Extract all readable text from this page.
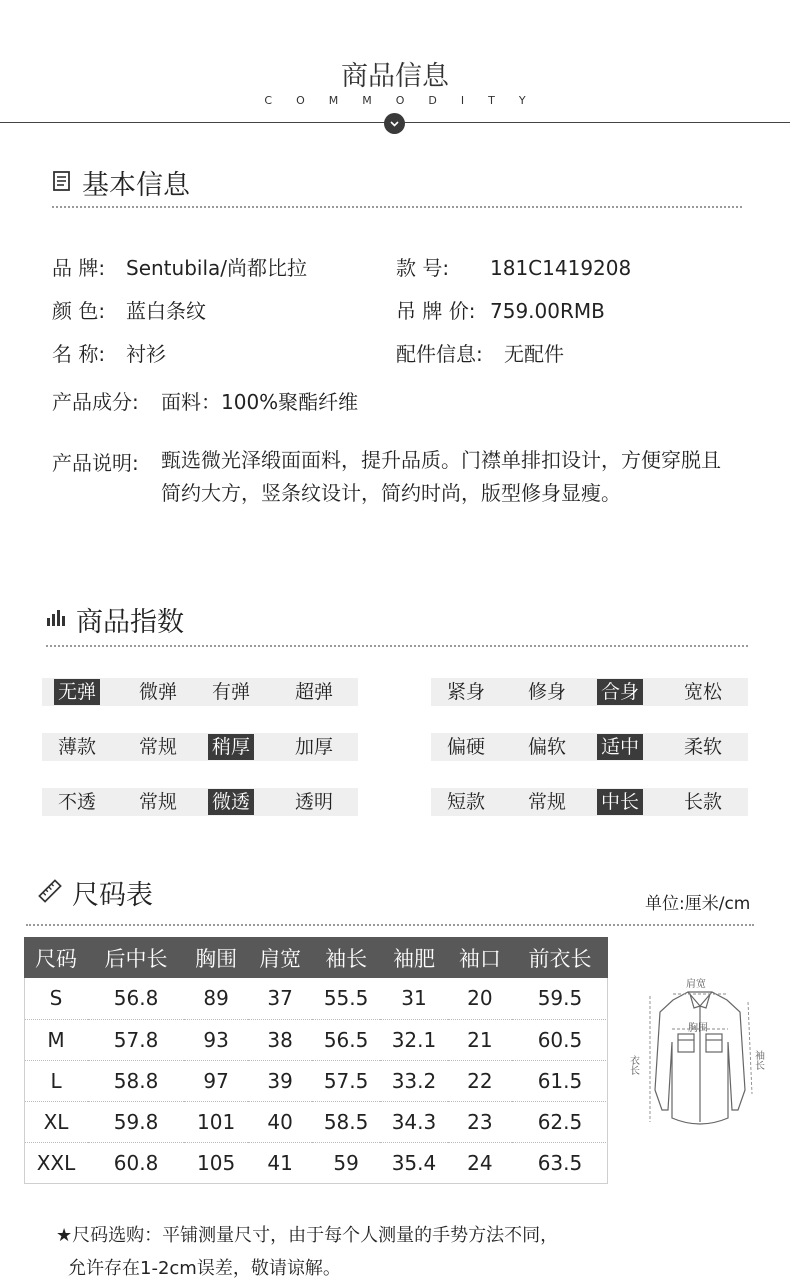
商品信息
COMMODITY
基本信息
品 牌: Sentubila/尚都比拉	款 号: 181C1419208
颜 色: 蓝白条纹	吊 牌 价: 759.00RMB
名 称: 衬衫	配件信息: 无配件
产品成分: 面料：100%聚酯纤维
产品说明: 甄选微光泽缎面面料，提升品质。门襟单排扣设计，方便穿脱且简约大方，竖条纹设计，简约时尚，版型修身显瘦。
商品指数
无弹 微弹 有弹 超弹	紧身 修身 合身 宽松
薄款 常规 稍厚 加厚	偏硬 偏软 适中 柔软
不透 常规 微透 透明	短款 常规 中长 长款
尺码表	单位:厘米/cm
尺码	后中长	胸围	肩宽	袖长	袖肥	袖口	前衣长
S	56.8	89	37	55.5	31	20	59.5
M	57.8	93	38	56.5	32.1	21	60.5
L	58.8	97	39	57.5	33.2	22	61.5
XL	59.8	101	40	58.5	34.3	23	62.5
XXL	60.8	105	41	59	35.4	24	63.5
肩宽
胸围
衣长	袖长
★尺码选购：平铺测量尺寸，由于每个人测量的手势方法不同，
允许存在1-2cm误差，敬请谅解。
